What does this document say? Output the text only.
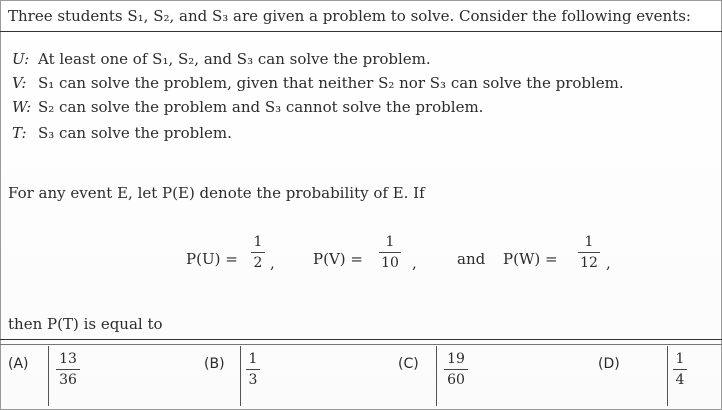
Three students S₁, S₂, and S₃ are given a problem to solve. Consider the following events:
U: At least one of S₁, S₂, and S₃ can solve the problem.
V: S₁ can solve the problem, given that neither S₂ nor S₃ can solve the problem.
W: S₂ can solve the problem and S₃ cannot solve the problem.
T: S₃ can solve the problem.
For any event E, let P(E) denote the probability of E. If
P(U) =
1
2 ,	P(V) =
1
10 ,	and P(W) =
1
12 ,
then P(T) is equal to
(A) 13
36
(B) 1
3
(C) 19
60
(D)	1
4
